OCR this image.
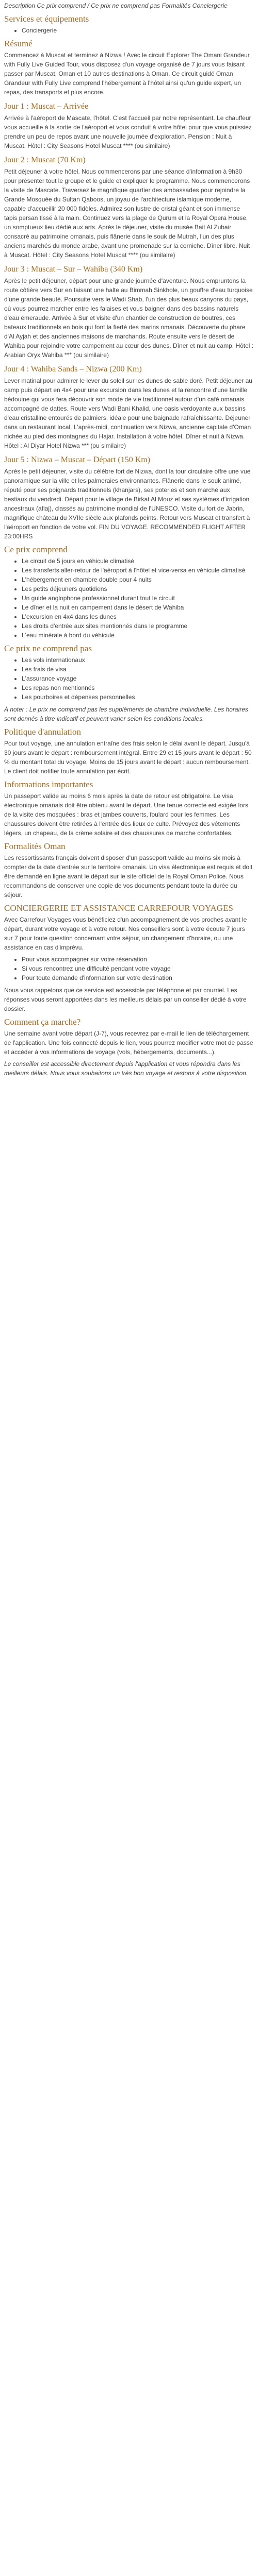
Description Ce prix comprend / Ce prix ne comprend pas Formalités Conciergerie

Services et équipements
• Conciergerie
Résumé

Commencez à Muscat et terminez à Nizwa ! Avec le circuit Explorer The Omani Grandeur with Fully Live Guided Tour, vous disposez d'un voyage organisé de 7 jours vous faisant passer par Muscat, Oman et 10 autres destinations à Oman. Ce circuit guidé Oman Grandeur with Fully Live comprend l'hébergement à l'hôtel ainsi qu'un guide expert, un repas, des transports et plus encore.

Jour 1 : Muscat – Arrivée

Arrivée à l'aéroport de Mascate, l'hôtel. C'est l'accueil par notre représentant. Le chauffeur vous accueille à la sortie de l'aéroport et vous conduit à votre hôtel pour que vous puissiez prendre un peu de repos avant une nouvelle journée d'exploration. Pension : Nuit à Muscat. Hôtel : City Seasons Hotel Muscat **** (ou similaire)

Jour 2 : Muscat (70 Km)

Petit déjeuner à votre hôtel. Nous commencerons par une séance d'information à 9h30 pour présenter tout le groupe et le guide et expliquer le programme. Nous commencerons la visite de Mascate. Traversez le magnifique quartier des ambassades pour rejoindre la Grande Mosquée du Sultan Qaboos, un joyau de l'architecture islamique moderne, capable d'accueillir 20 000 fidèles. Admirez son lustre de cristal géant et son immense tapis persan tissé à la main. Continuez vers la plage de Qurum et la Royal Opera House, un somptueux lieu dédié aux arts. Après le déjeuner, visite du musée Bait Al Zubair consacré au patrimoine omanais, puis flânerie dans le souk de Mutrah, l'un des plus anciens marchés du monde arabe, avant une promenade sur la corniche. Dîner libre. Nuit à Muscat. Hôtel : City Seasons Hotel Muscat **** (ou similaire)

Jour 3 : Muscat – Sur – Wahiba (340 Km)

Après le petit déjeuner, départ pour une grande journée d'aventure. Nous empruntons la route côtière vers Sur en faisant une halte au Bimmah Sinkhole, un gouffre d'eau turquoise d'une grande beauté. Poursuite vers le Wadi Shab, l'un des plus beaux canyons du pays, où vous pourrez marcher entre les falaises et vous baigner dans des bassins naturels d'eau émeraude. Arrivée à Sur et visite d'un chantier de construction de boutres, ces bateaux traditionnels en bois qui font la fierté des marins omanais. Découverte du phare d'Al Ayjah et des anciennes maisons de marchands. Route ensuite vers le désert de Wahiba pour rejoindre votre campement au cœur des dunes. Dîner et nuit au camp. Hôtel : Arabian Oryx Wahiba *** (ou similaire)

Jour 4 : Wahiba Sands – Nizwa (200 Km)

Lever matinal pour admirer le lever du soleil sur les dunes de sable doré. Petit déjeuner au camp puis départ en 4x4 pour une excursion dans les dunes et la rencontre d'une famille bédouine qui vous fera découvrir son mode de vie traditionnel autour d'un café omanais accompagné de dattes. Route vers Wadi Bani Khalid, une oasis verdoyante aux bassins d'eau cristalline entourés de palmiers, idéale pour une baignade rafraîchissante. Déjeuner dans un restaurant local. L'après-midi, continuation vers Nizwa, ancienne capitale d'Oman nichée au pied des montagnes du Hajar. Installation à votre hôtel. Dîner et nuit à Nizwa. Hôtel : Al Diyar Hotel Nizwa *** (ou similaire)

Jour 5 : Nizwa – Muscat – Départ (150 Km)

Après le petit déjeuner, visite du célèbre fort de Nizwa, dont la tour circulaire offre une vue panoramique sur la ville et les palmeraies environnantes. Flânerie dans le souk animé, réputé pour ses poignards traditionnels (khanjars), ses poteries et son marché aux bestiaux du vendredi. Départ pour le village de Birkat Al Mouz et ses systèmes d'irrigation ancestraux (aflaj), classés au patrimoine mondial de l'UNESCO. Visite du fort de Jabrin, magnifique château du XVIIe siècle aux plafonds peints. Retour vers Muscat et transfert à l'aéroport en fonction de votre vol. FIN DU VOYAGE. RECOMMENDED FLIGHT AFTER 23:00HRS

Ce prix comprend
• Le circuit de 5 jours en véhicule climatisé
• Les transferts aller-retour de l'aéroport à l'hôtel et vice-versa en véhicule climatisé
• L'hébergement en chambre double pour 4 nuits
• Les petits déjeuners quotidiens
• Un guide anglophone professionnel durant tout le circuit
• Le dîner et la nuit en campement dans le désert de Wahiba
• L'excursion en 4x4 dans les dunes
• Les droits d'entrée aux sites mentionnés dans le programme
• L'eau minérale à bord du véhicule
Ce prix ne comprend pas
• Les vols internationaux
• Les frais de visa
• L'assurance voyage
• Les repas non mentionnés
• Les pourboires et dépenses personnelles

À noter : Le prix ne comprend pas les suppléments de chambre individuelle. Les horaires sont donnés à titre indicatif et peuvent varier selon les conditions locales.

Politique d'annulation

Pour tout voyage, une annulation entraîne des frais selon le délai avant le départ. Jusqu'à 30 jours avant le départ : remboursement intégral. Entre 29 et 15 jours avant le départ : 50 % du montant total du voyage. Moins de 15 jours avant le départ : aucun remboursement. Le client doit notifier toute annulation par écrit.

Informations importantes

Un passeport valide au moins 6 mois après la date de retour est obligatoire. Le visa électronique omanais doit être obtenu avant le départ. Une tenue correcte est exigée lors de la visite des mosquées : bras et jambes couverts, foulard pour les femmes. Les chaussures doivent être retirées à l'entrée des lieux de culte. Prévoyez des vêtements légers, un chapeau, de la crème solaire et des chaussures de marche confortables.

Formalités Oman

Les ressortissants français doivent disposer d'un passeport valide au moins six mois à compter de la date d'entrée sur le territoire omanais. Un visa électronique est requis et doit être demandé en ligne avant le départ sur le site officiel de la Royal Oman Police. Nous recommandons de conserver une copie de vos documents pendant toute la durée du séjour.

CONCIERGERIE ET ASSISTANCE CARREFOUR VOYAGES

Avec Carrefour Voyages vous bénéficiez d'un accompagnement de vos proches avant le départ, durant votre voyage et à votre retour. Nos conseillers sont à votre écoute 7 jours sur 7 pour toute question concernant votre séjour, un changement d'horaire, ou une assistance en cas d'imprévu.

• Pour vous accompagner sur votre réservation
• Si vous rencontrez une difficulté pendant votre voyage
• Pour toute demande d'information sur votre destination

Nous vous rappelons que ce service est accessible par téléphone et par courriel. Les réponses vous seront apportées dans les meilleurs délais par un conseiller dédié à votre dossier.

Comment ça marche?

Une semaine avant votre départ (J-7), vous recevrez par e-mail le lien de téléchargement de l'application. Une fois connecté depuis le lien, vous pourrez modifier votre mot de passe et accéder à vos informations de voyage (vols, hébergements, documents...).

Le conseiller est accessible directement depuis l'application et vous répondra dans les meilleurs délais. Nous vous souhaitons un très bon voyage et restons à votre disposition.
